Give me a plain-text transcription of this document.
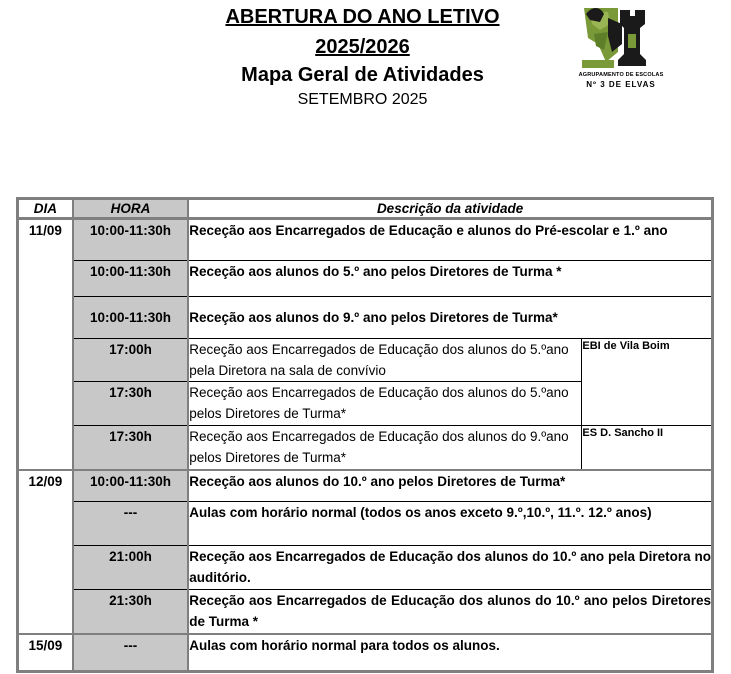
ABERTURA DO ANO LETIVO
2025/2026
Mapa Geral de Atividades
SETEMBRO 2025
AGRUPAMENTO DE ESCOLAS
Nº 3 DE ELVAS
DIA	HORA	Descrição da atividade	
11/09	10:00-11:30h	Receção aos Encarregados de Educação e alunos do Pré-escolar e 1.º ano	
	10:00-11:30h	Receção aos alunos do 5.º ano pelos Diretores de Turma *	
	10:00-11:30h	Receção aos alunos do 9.º ano pelos Diretores de Turma*	
	17:00h	Receção aos Encarregados de Educação dos alunos do 5.ºano pela Diretora na sala de convívio	EBI de Vila Boim
	17:30h	Receção aos Encarregados de Educação dos alunos do 5.ºano pelos Diretores de Turma*	
	17:30h	Receção aos Encarregados de Educação dos alunos do 9.ºano pelos Diretores de Turma*	ES D. Sancho II
12/09	10:00-11:30h	Receção aos alunos do 10.º ano pelos Diretores de Turma*	
	---	Aulas com horário normal (todos os anos exceto 9.º,10.º, 11.º. 12.º anos)	
	21:00h	Receção aos Encarregados de Educação dos alunos do 10.º ano pela Diretora no auditório.	
	21:30h	Receção aos Encarregados de Educação dos alunos do 10.º ano pelos Diretores de Turma *	
15/09	---	Aulas com horário normal para todos os alunos.	
